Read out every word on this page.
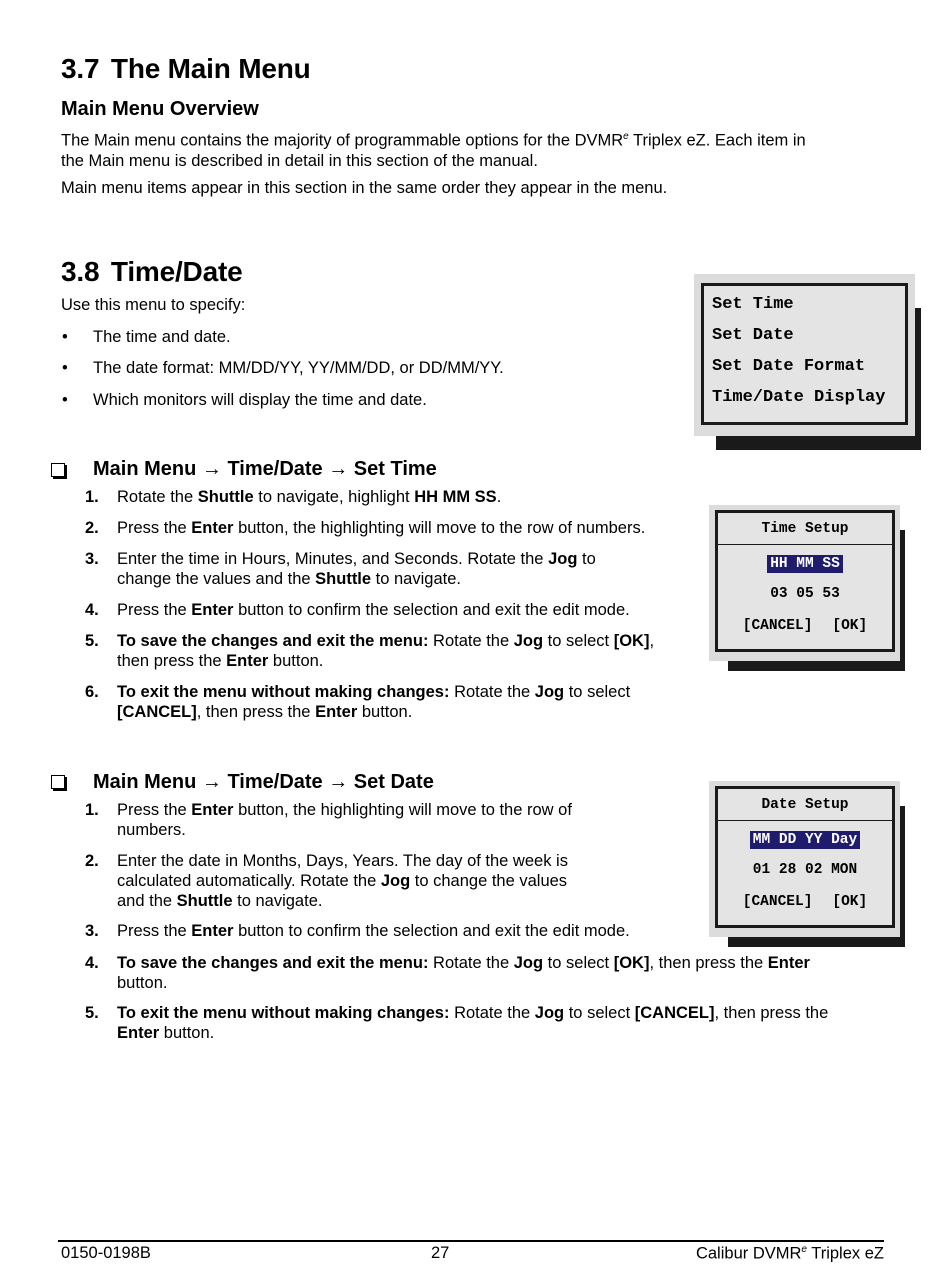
3.7 The Main Menu
Main Menu Overview
The Main menu contains the majority of programmable options for the DVMR$^e$ Triplex eZ. Each item in
the Main menu is described in detail in this section of the manual.
Main menu items appear in this section in the same order they appear in the menu.
3.8 Time/Date
Use this menu to specify:
• The time and date.
• The date format: MM/DD/YY, YY/MM/DD, or DD/MM/YY.
• Which monitors will display the time and date.
Set Time
Set Date
Set Date Format
Time/Date Display
Main Menu → Time/Date → Set Time
1. Rotate the Shuttle to navigate, highlight HH MM SS.
2. Press the Enter button, the highlighting will move to the row of numbers.
3. Enter the time in Hours, Minutes, and Seconds. Rotate the Jog to
change the values and the Shuttle to navigate.
4. Press the Enter button to confirm the selection and exit the edit mode.
5. To save the changes and exit the menu: Rotate the Jog to select [OK],
then press the Enter button.
6. To exit the menu without making changes: Rotate the Jog to select
[CANCEL], then press the Enter button.
Time Setup
HH MM SS
03 05 53
[CANCEL] [OK]
Main Menu → Time/Date → Set Date
1. Press the Enter button, the highlighting will move to the row of
numbers.
2. Enter the date in Months, Days, Years. The day of the week is
calculated automatically. Rotate the Jog to change the values
and the Shuttle to navigate.
3. Press the Enter button to confirm the selection and exit the edit mode.
4. To save the changes and exit the menu: Rotate the Jog to select [OK], then press the Enter
button.
5. To exit the menu without making changes: Rotate the Jog to select [CANCEL], then press the
Enter button.
Date Setup
MM DD YY Day
01 28 02 MON
[CANCEL] [OK]
0150-0198B	27	Calibur DVMR$^e$ Triplex eZ
